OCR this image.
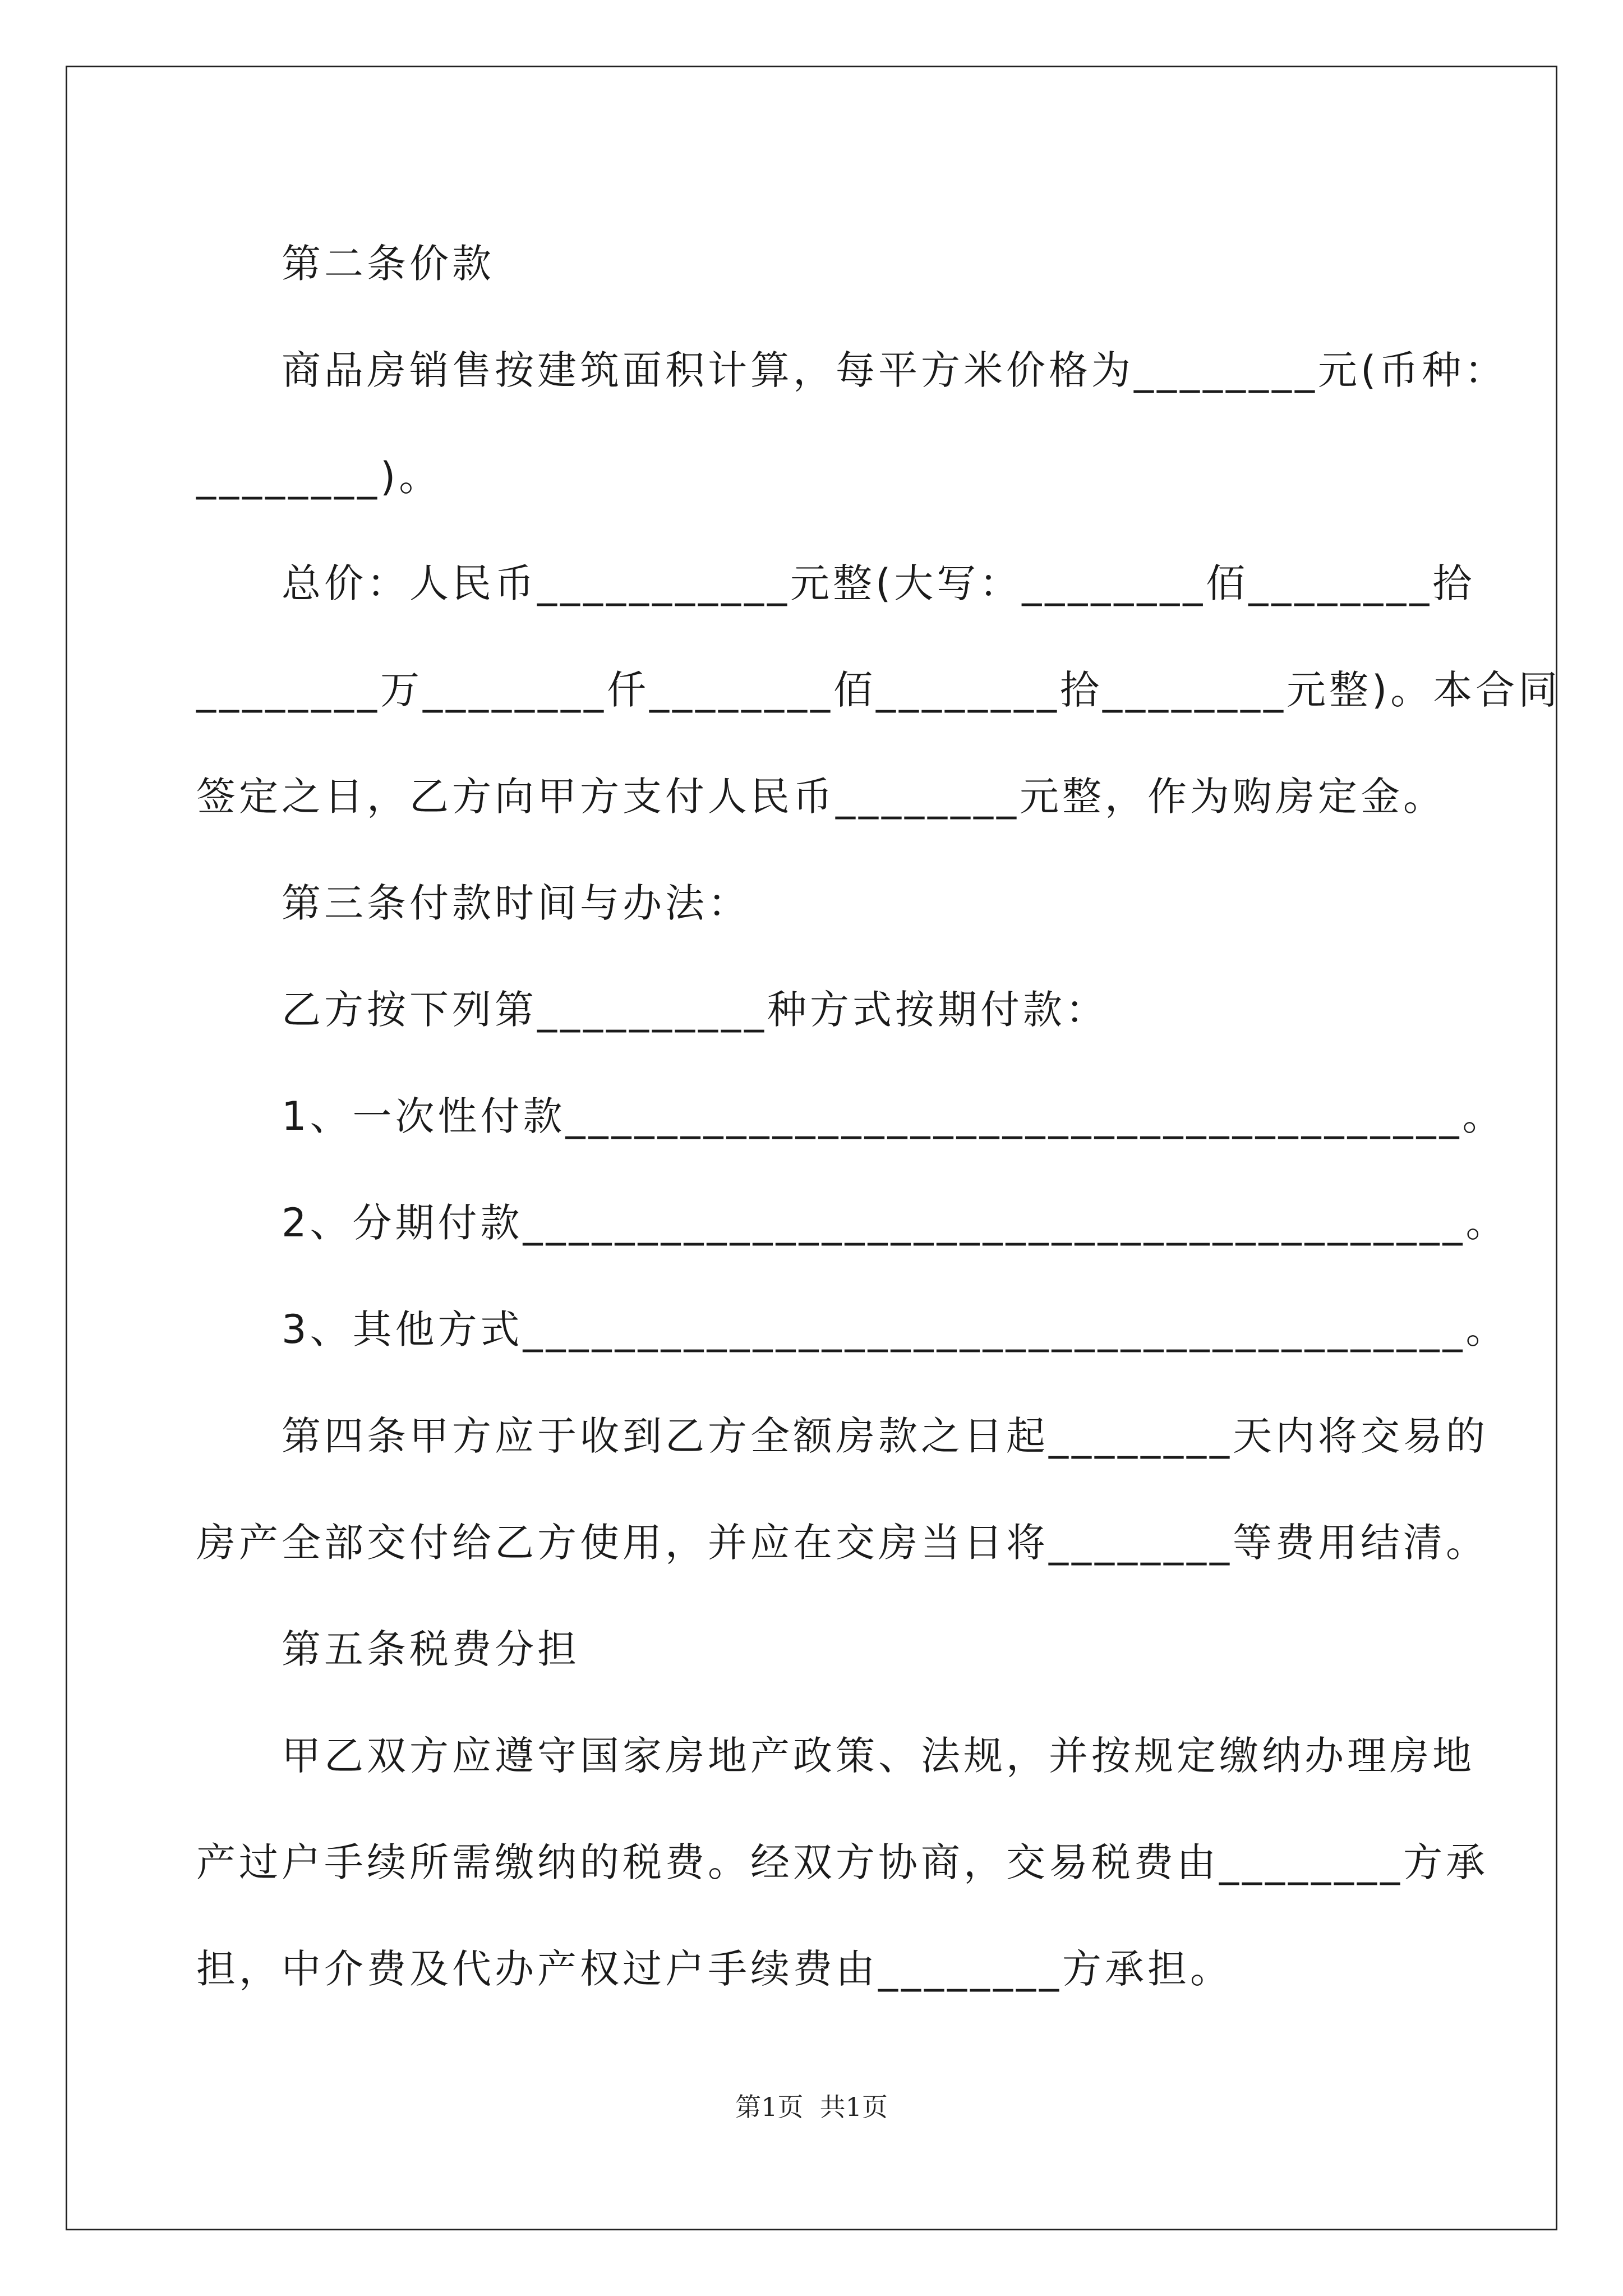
第二条价款
商品房销售按建筑面积计算，每平方米价格为________元(币种：
________)。
总价：人民币___________元整(大写：________佰________拾
________万________仟________佰________拾________元整)。本合同
签定之日，乙方向甲方支付人民币________元整，作为购房定金。
第三条付款时间与办法：
乙方按下列第__________种方式按期付款：
1、一次性付款_______________________________________。
2、分期付款_________________________________________。
3、其他方式_________________________________________。
第四条甲方应于收到乙方全额房款之日起________天内将交易的
房产全部交付给乙方使用，并应在交房当日将________等费用结清。
第五条税费分担
甲乙双方应遵守国家房地产政策、法规，并按规定缴纳办理房地
产过户手续所需缴纳的税费。经双方协商，交易税费由________方承
担，中介费及代办产权过户手续费由________方承担。
第1页  共1页
